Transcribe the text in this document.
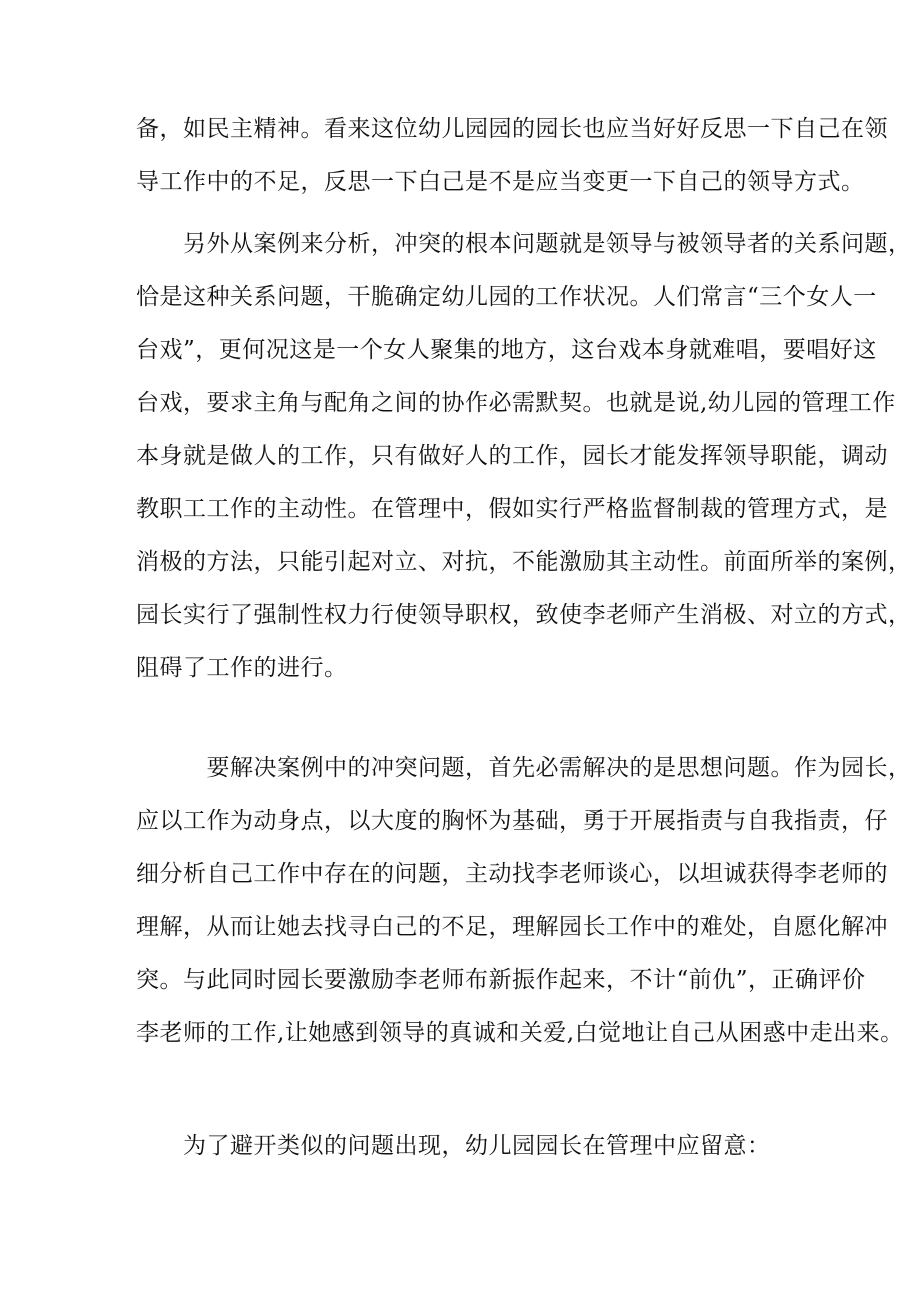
备，如民主精神。看来这位幼儿园园的园长也应当好好反思一下自己在领
导工作中的不足，反思一下白己是不是应当变更一下自己的领导方式。

　　另外从案例来分析，冲突的根本问题就是领导与被领导者的关系问题，
恰是这种关系问题，干脆确定幼儿园的工作状况。人们常言“三个女人一
台戏”，更何况这是一个女人聚集的地方，这台戏本身就难唱，要唱好这
台戏，要求主角与配角之间的协作必需默契。也就是说,幼儿园的管理工作
本身就是做人的工作，只有做好人的工作，园长才能发挥领导职能，调动
教职工工作的主动性。在管理中，假如实行严格监督制裁的管理方式，是
消极的方法，只能引起对立、对抗，不能激励其主动性。前面所举的案例，
园长实行了强制性权力行使领导职权，致使李老师产生消极、对立的方式，
阻碍了工作的进行。

　　　要解决案例中的冲突问题，首先必需解决的是思想问题。作为园长，
应以工作为动身点，以大度的胸怀为基础，勇于开展指责与自我指责，仔
细分析自己工作中存在的问题，主动找李老师谈心，以坦诚获得李老师的
理解，从而让她去找寻白己的不足，理解园长工作中的难处，自愿化解冲
突。与此同时园长要激励李老师布新振作起来，不计“前仇”，正确评价
李老师的工作,让她感到领导的真诚和关爱,白觉地让自己从困惑中走出来。

　　为了避开类似的问题出现，幼儿园园长在管理中应留意：
